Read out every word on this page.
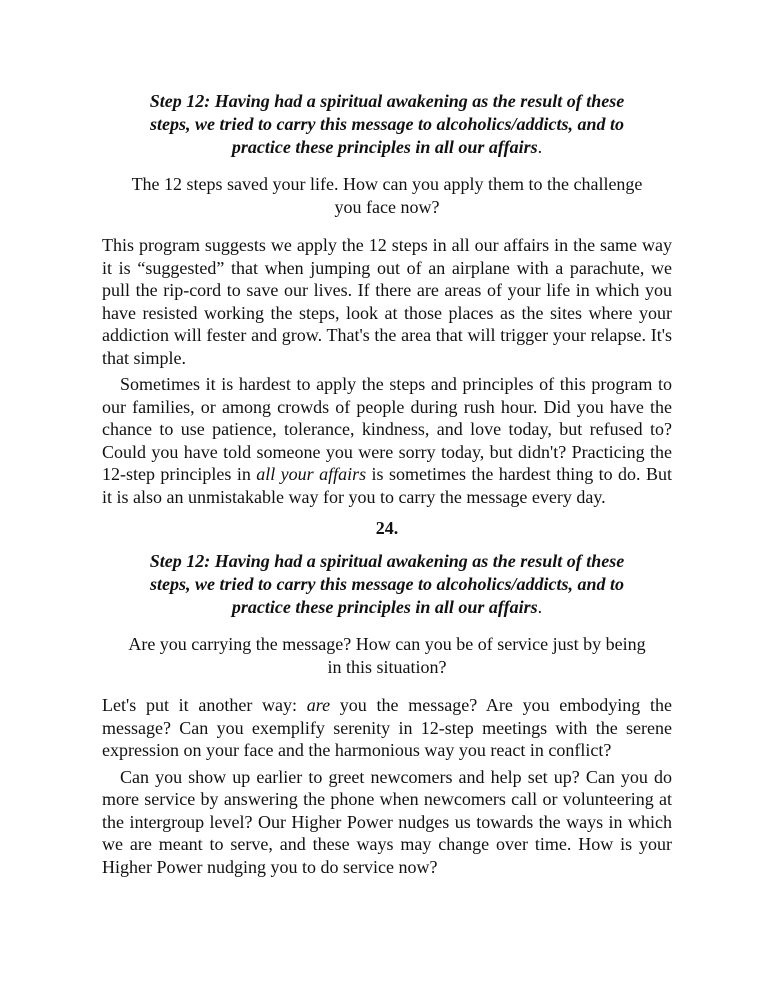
Step 12: Having had a spiritual awakening as the result of these steps, we tried to carry this message to alcoholics/addicts, and to practice these principles in all our affairs.

The 12 steps saved your life. How can you apply them to the challenge you face now?

This program suggests we apply the 12 steps in all our affairs in the same way it is “suggested” that when jumping out of an airplane with a parachute, we pull the rip-cord to save our lives. If there are areas of your life in which you have resisted working the steps, look at those places as the sites where your addiction will fester and grow. That's the area that will trigger your relapse. It's that simple.

Sometimes it is hardest to apply the steps and principles of this program to our families, or among crowds of people during rush hour. Did you have the chance to use patience, tolerance, kindness, and love today, but refused to? Could you have told someone you were sorry today, but didn't? Practicing the 12-step principles in all your affairs is sometimes the hardest thing to do. But it is also an unmistakable way for you to carry the message every day.

24.

Step 12: Having had a spiritual awakening as the result of these steps, we tried to carry this message to alcoholics/addicts, and to practice these principles in all our affairs.

Are you carrying the message? How can you be of service just by being in this situation?

Let's put it another way: are you the message? Are you embodying the message? Can you exemplify serenity in 12-step meetings with the serene expression on your face and the harmonious way you react in conflict?

Can you show up earlier to greet newcomers and help set up? Can you do more service by answering the phone when newcomers call or volunteering at the intergroup level? Our Higher Power nudges us towards the ways in which we are meant to serve, and these ways may change over time. How is your Higher Power nudging you to do service now?
